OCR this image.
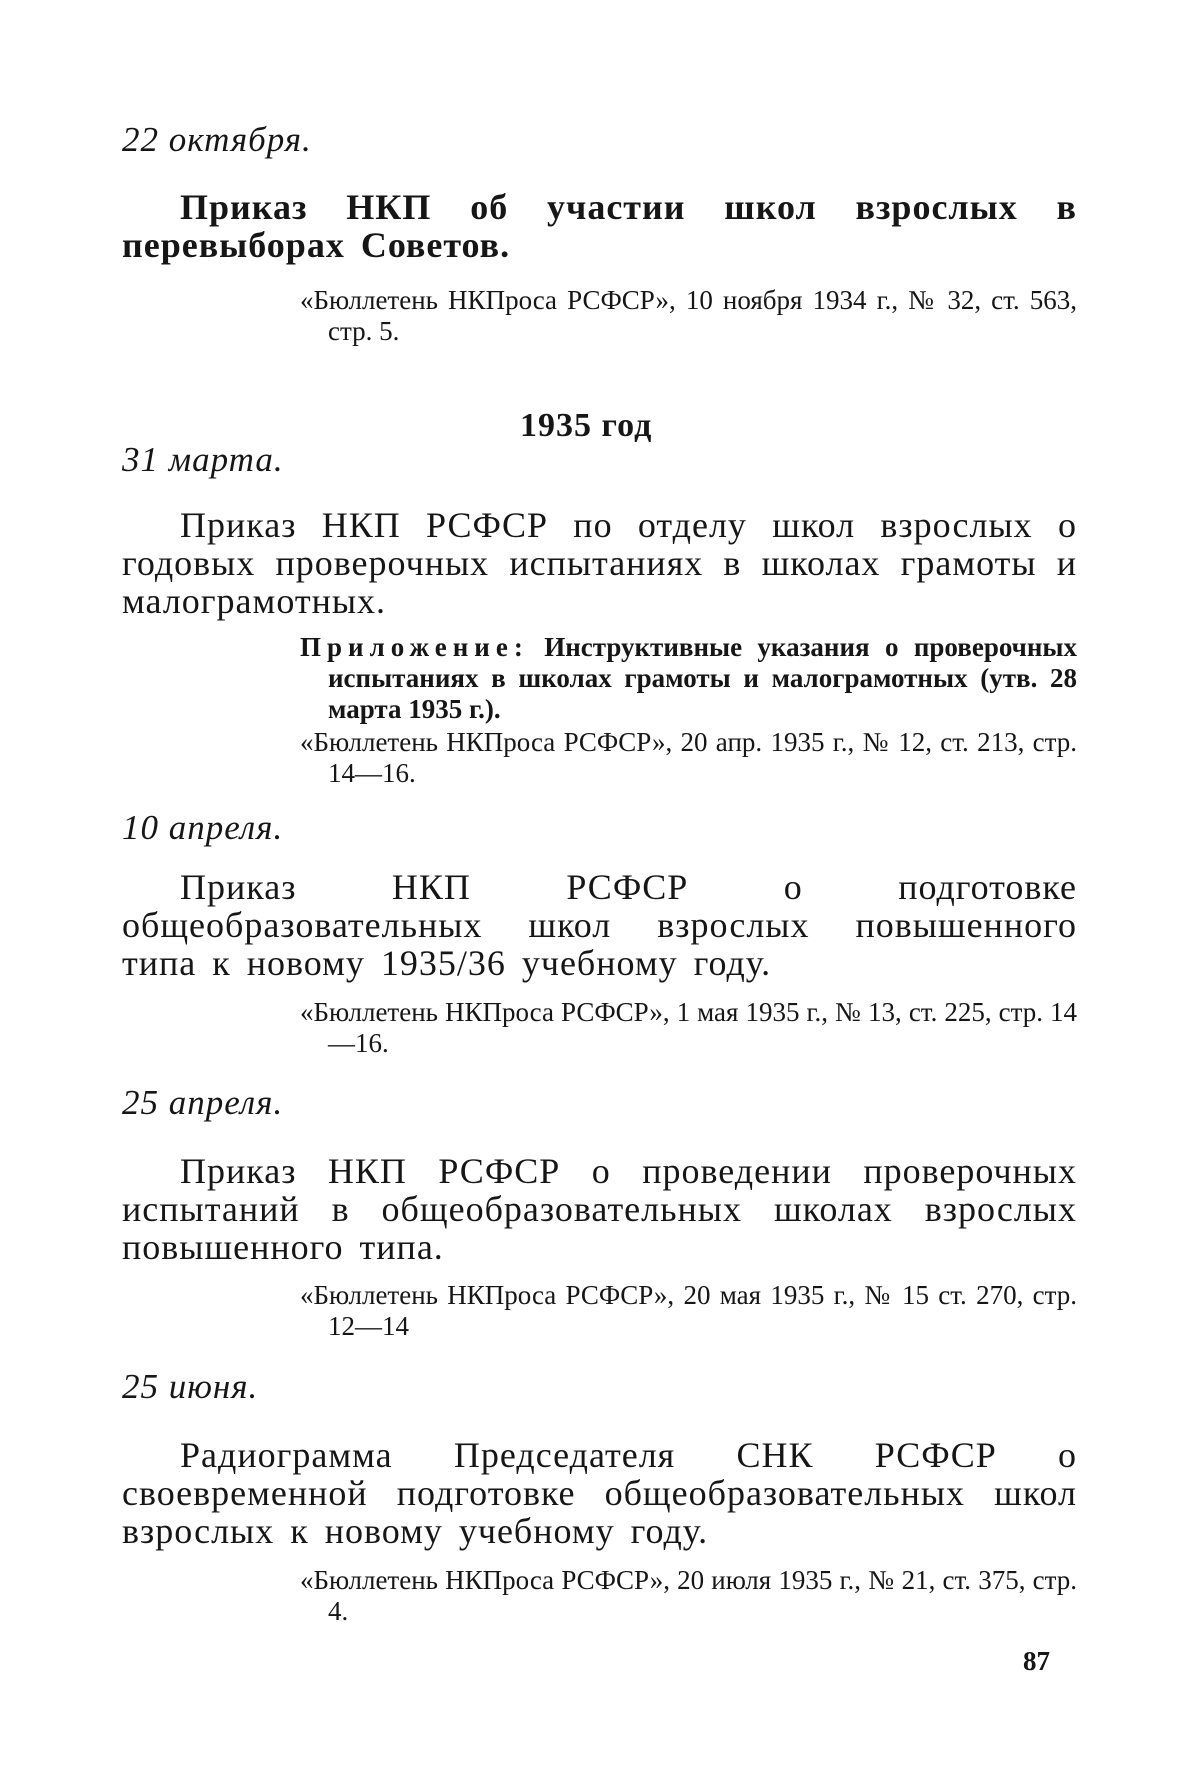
22 октября.
Приказ НКП об участии школ взрослых в перевыборах Советов.
«Бюллетень НКПроса РСФСР», 10 ноября 1934 г., № 32, ст. 563, стр. 5.
1935 год
31 марта.
Приказ НКП РСФСР по отделу школ взрослых о годовых проверочных испытаниях в школах грамоты и малограмотных.
Приложение: Инструктивные указания о проверочных испытаниях в школах грамоты и малограмотных (утв. 28 марта 1935 г.).
«Бюллетень НКПроса РСФСР», 20 апр. 1935 г., № 12, ст. 213, стр. 14—16.
10 апреля.
Приказ НКП РСФСР о подготовке общеобразовательных школ взрослых повышенного типа к новому 1935/36 учебному году.
«Бюллетень НКПроса РСФСР», 1 мая 1935 г., № 13, ст. 225, стр. 14—16.
25 апреля.
Приказ НКП РСФСР о проведении проверочных испытаний в общеобразовательных школах взрослых повышенного типа.
«Бюллетень НКПроса РСФСР», 20 мая 1935 г., № 15 ст. 270, стр. 12—14
25 июня.
Радиограмма Председателя СНК РСФСР о своевременной подготовке общеобразовательных школ взрослых к новому учебному году.
«Бюллетень НКПроса РСФСР», 20 июля 1935 г., № 21, ст. 375, стр. 4.
87
